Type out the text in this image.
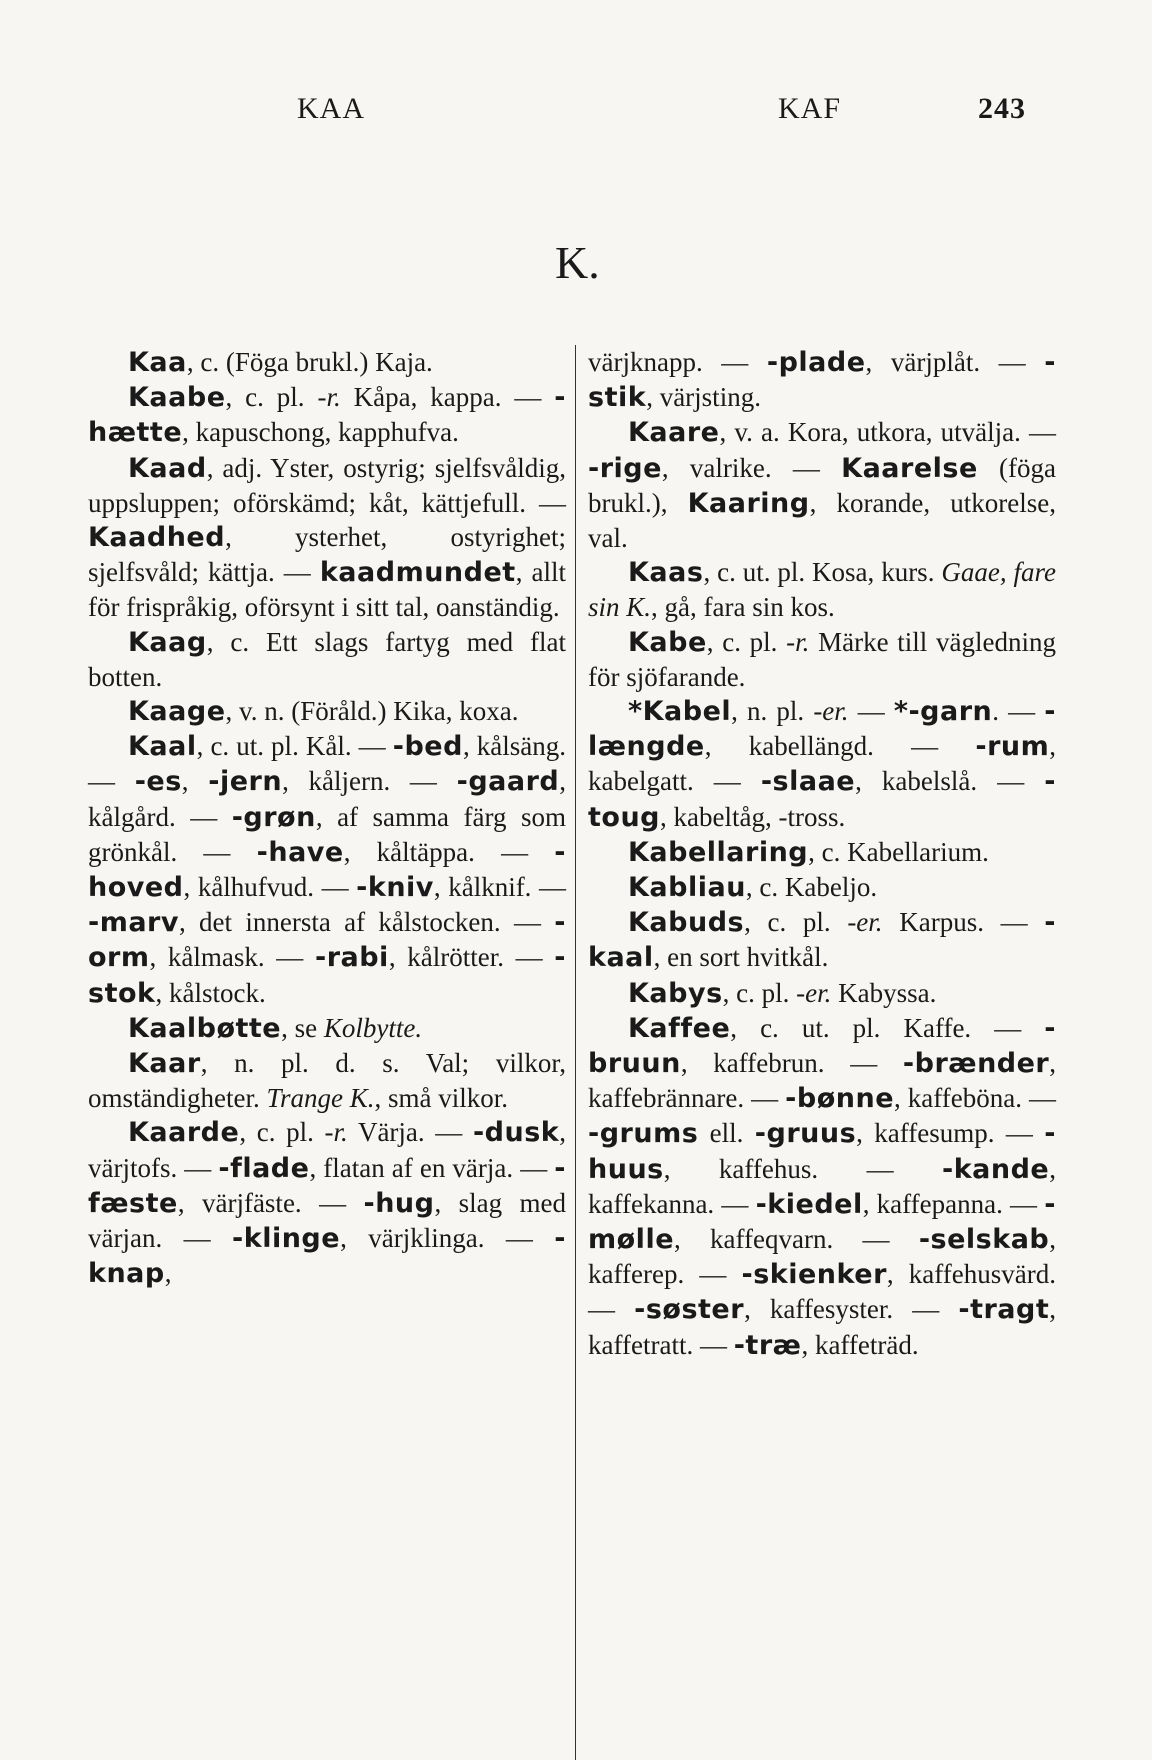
KAA	KAF	243
K.

Kaa, c. (Föga brukl.) Kaja.

Kaabe, c. pl. -r. Kåpa, kappa. — -hætte, kapuschong, kapphufva.

Kaad, adj. Yster, ostyrig; sjelfsvåldig, uppsluppen; oförskämd; kåt, kättjefull. — Kaadhed, ysterhet, ostyrighet; sjelfsvåld; kättja. — kaadmundet, allt för frispråkig, oförsynt i sitt tal, oanständig.

Kaag, c. Ett slags fartyg med flat botten.

Kaage, v. n. (Föråld.) Kika, koxa.

Kaal, c. ut. pl. Kål. — -bed, kålsäng. — -es, -jern, kåljern. — -gaard, kålgård. — -grøn, af samma färg som grönkål. — -have, kåltäppa. — -hoved, kålhufvud. — -kniv, kålknif. — -marv, det innersta af kålstocken. — -orm, kålmask. — -rabi, kålrötter. — -stok, kålstock.

Kaalbøtte, se Kolbytte.

Kaar, n. pl. d. s. Val; vilkor, omständigheter. Trange K., små vilkor.

Kaarde, c. pl. -r. Värja. — -dusk, värjtofs. — -flade, flatan af en värja. — -fæste, värjfäste. — -hug, slag med värjan. — -klinge, värjklinga. — -knap,

värjknapp. — -plade, värjplåt. — -stik, värjsting.

Kaare, v. a. Kora, utkora, utvälja. — -rige, valrike. — Kaarelse (föga brukl.), Kaaring, korande, utkorelse, val.

Kaas, c. ut. pl. Kosa, kurs. Gaae, fare sin K., gå, fara sin kos.

Kabe, c. pl. -r. Märke till vägledning för sjöfarande.

*Kabel, n. pl. -er. — *-garn. — -længde, kabellängd. — -rum, kabelgatt. — -slaae, kabelslå. — -toug, kabeltåg, -tross.

Kabellaring, c. Kabellarium.

Kabliau, c. Kabeljo.

Kabuds, c. pl. -er. Karpus. — -kaal, en sort hvitkål.

Kabys, c. pl. -er. Kabyssa.

Kaffee, c. ut. pl. Kaffe. — -bruun, kaffebrun. — -brænder, kaffebrännare. — -bønne, kaffeböna. — -grums ell. -gruus, kaffesump. — -huus, kaffehus. — -kande, kaffekanna. — -kiedel, kaffepanna. — -mølle, kaffeqvarn. — -selskab, kafferep. — -skienker, kaffehusvärd. — -søster, kaffesyster. — -tragt, kaffetratt. — -træ, kaffeträd.
